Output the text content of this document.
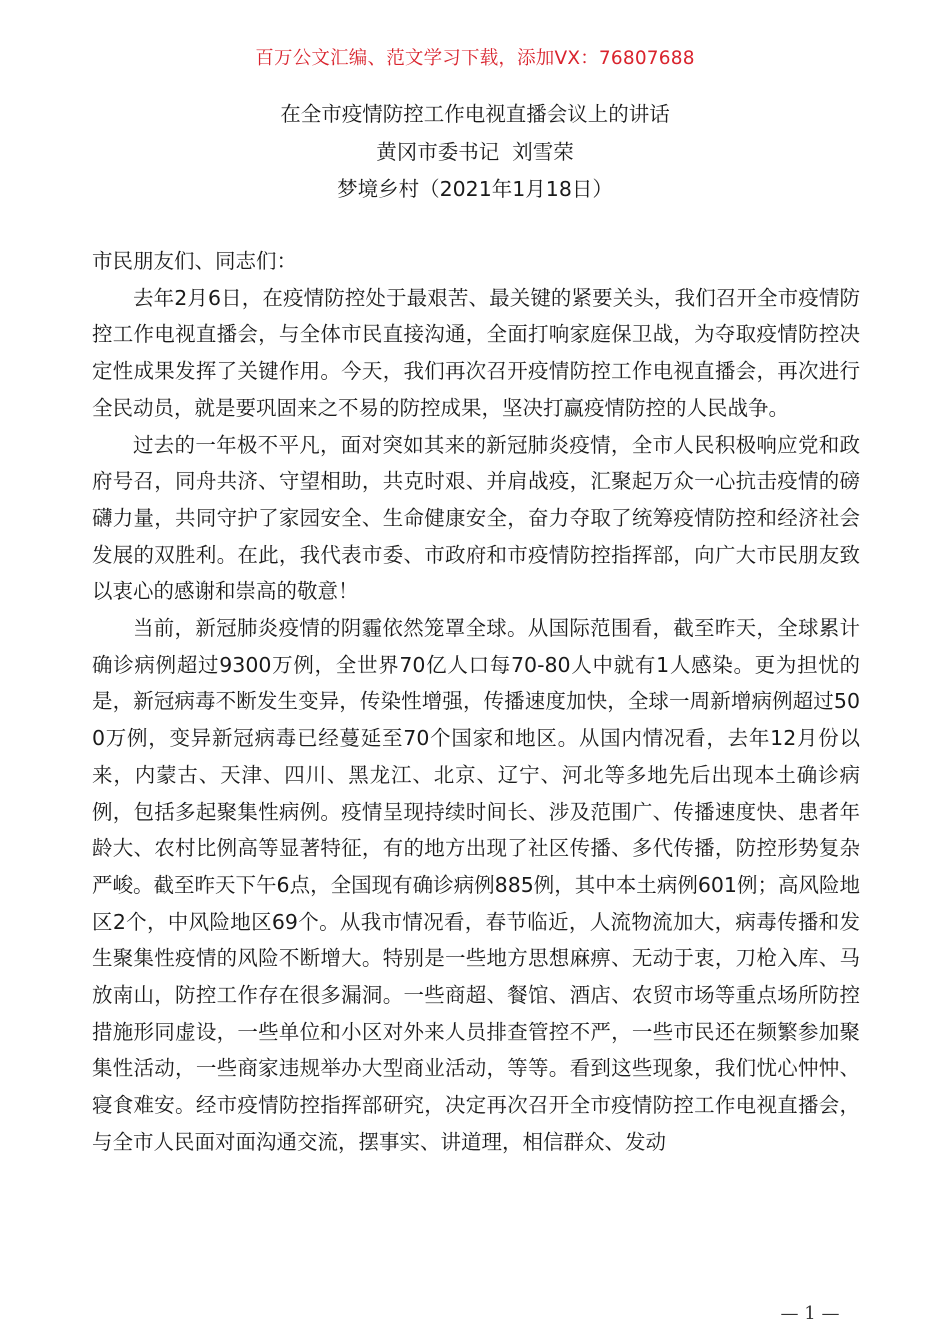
百万公文汇编、范文学习下载，添加VX：76807688
在全市疫情防控工作电视直播会议上的讲话
黄冈市委书记  刘雪荣
梦境乡村（2021年1月18日）

市民朋友们、同志们：

去年2月6日，在疫情防控处于最艰苦、最关键的紧要关头，我们召开全市疫情防控工作电视直播会，与全体市民直接沟通，全面打响家庭保卫战，为夺取疫情防控决定性成果发挥了关键作用。今天，我们再次召开疫情防控工作电视直播会，再次进行全民动员，就是要巩固来之不易的防控成果，坚决打赢疫情防控的人民战争。

过去的一年极不平凡，面对突如其来的新冠肺炎疫情，全市人民积极响应党和政府号召，同舟共济、守望相助，共克时艰、并肩战疫，汇聚起万众一心抗击疫情的磅礴力量，共同守护了家园安全、生命健康安全，奋力夺取了统筹疫情防控和经济社会发展的双胜利。在此，我代表市委、市政府和市疫情防控指挥部，向广大市民朋友致以衷心的感谢和崇高的敬意！

当前，新冠肺炎疫情的阴霾依然笼罩全球。从国际范围看，截至昨天，全球累计确诊病例超过9300万例，全世界70亿人口每70-80人中就有1人感染。更为担忧的是，新冠病毒不断发生变异，传染性增强，传播速度加快，全球一周新增病例超过500万例，变异新冠病毒已经蔓延至70个国家和地区。从国内情况看，去年12月份以来，内蒙古、天津、四川、黑龙江、北京、辽宁、河北等多地先后出现本土确诊病例，包括多起聚集性病例。疫情呈现持续时间长、涉及范围广、传播速度快、患者年龄大、农村比例高等显著特征，有的地方出现了社区传播、多代传播，防控形势复杂严峻。截至昨天下午6点，全国现有确诊病例885例，其中本土病例601例；高风险地区2个，中风险地区69个。从我市情况看，春节临近，人流物流加大，病毒传播和发生聚集性疫情的风险不断增大。特别是一些地方思想麻痹、无动于衷，刀枪入库、马放南山，防控工作存在很多漏洞。一些商超、餐馆、酒店、农贸市场等重点场所防控措施形同虚设，一些单位和小区对外来人员排查管控不严，一些市民还在频繁参加聚集性活动，一些商家违规举办大型商业活动，等等。看到这些现象，我们忧心忡忡、寝食难安。经市疫情防控指挥部研究，决定再次召开全市疫情防控工作电视直播会，与全市人民面对面沟通交流，摆事实、讲道理，相信群众、发动

— 1 —
